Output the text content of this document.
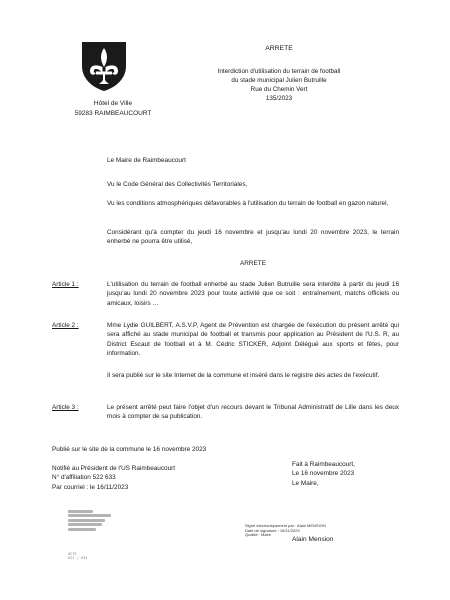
Hôtel de Ville
59283 RAIMBEAUCOURT
ARRETE
Interdiction d'utilisation du terrain de football
du stade municipal Julien Butruille
Rue du Chemin Vert
135/2023
Le Maire de Raimbeaucourt
Vu le Code Général des Collectivités Territoriales,
Vu les conditions atmosphériques défavorables à l'utilisation du terrain de football en gazon naturel,
Considérant qu'à compter du jeudi 16 novembre et jusqu'au lundi 20 novembre 2023, le terrain enherbé ne pourra être utilisé,
ARRETE
Article 1 :	L'utilisation du terrain de football enherbé au stade Julien Butruille sera interdite à partir du jeudi 16 jusqu'au lundi 20 novembre 2023 pour toute activité que ce soit : entraînement, matchs officiels ou amicaux, loisirs …
Article 2 :	Mme Lydie GUILBERT, A.S.V.P, Agent de Prévention est chargée de l'exécution du présent arrêté qui sera affiché au stade municipal de football et transmis pour application au Président de l'U.S. R, au District Escaut de football et à M. Cédric STICKER, Adjoint Délégué aux sports et fêtes, pour information.
Il sera publié sur le site Internet de la commune et inséré dans le registre des actes de l'exécutif.
Article 3 :	Le présent arrêté peut faire l'objet d'un recours devant le Tribunal Administratif de Lille dans les deux mois à compter de sa publication.
Publié sur le site de la commune le 16 novembre 2023
Notifié au Président de l'US Raimbeaucourt
N° d'affiliation 522 633
Par courriel : le 16/11/2023
Fait à Raimbeaucourt,
Le 16 novembre 2023
Le Maire,
ACTE
622 / 633
Signé électroniquement par : Alain MENSION
Date de signature : 16/11/2023
Qualité : Maire
Alain Mension
